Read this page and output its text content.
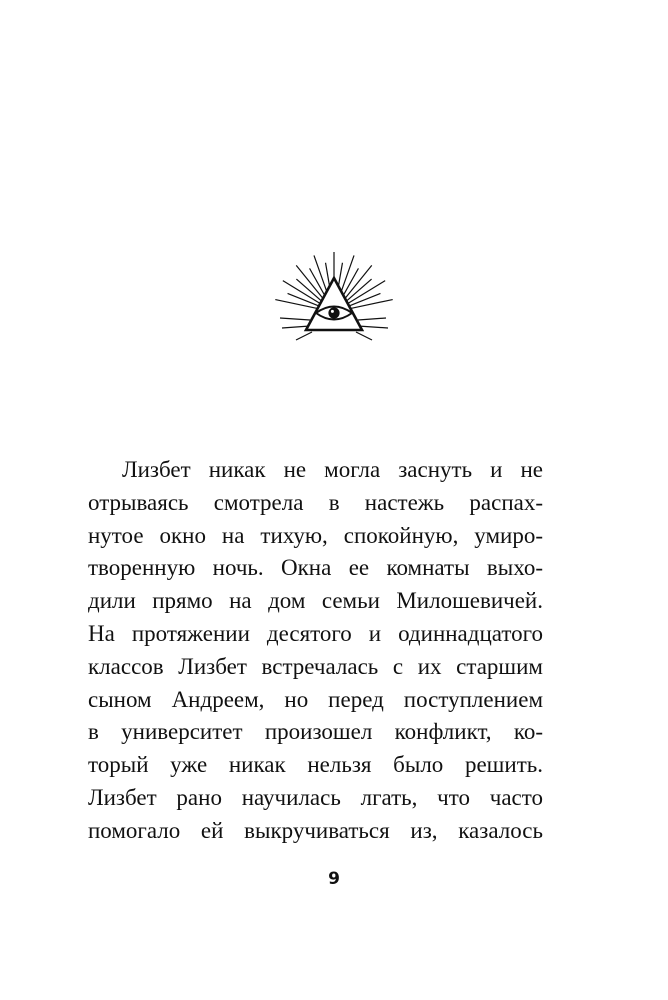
Лизбет никак не могла заснуть и не
отрываясь смотрела в настежь распах-
нутое окно на тихую, спокойную, умиро-
творенную ночь. Окна ее комнаты выхо-
дили прямо на дом семьи Милошевичей.
На протяжении десятого и одиннадцатого
классов Лизбет встречалась с их старшим
сыном Андреем, но перед поступлением
в университет произошел конфликт, ко-
торый уже никак нельзя было решить.
Лизбет рано научилась лгать, что часто
помогало ей выкручиваться из, казалось
9
